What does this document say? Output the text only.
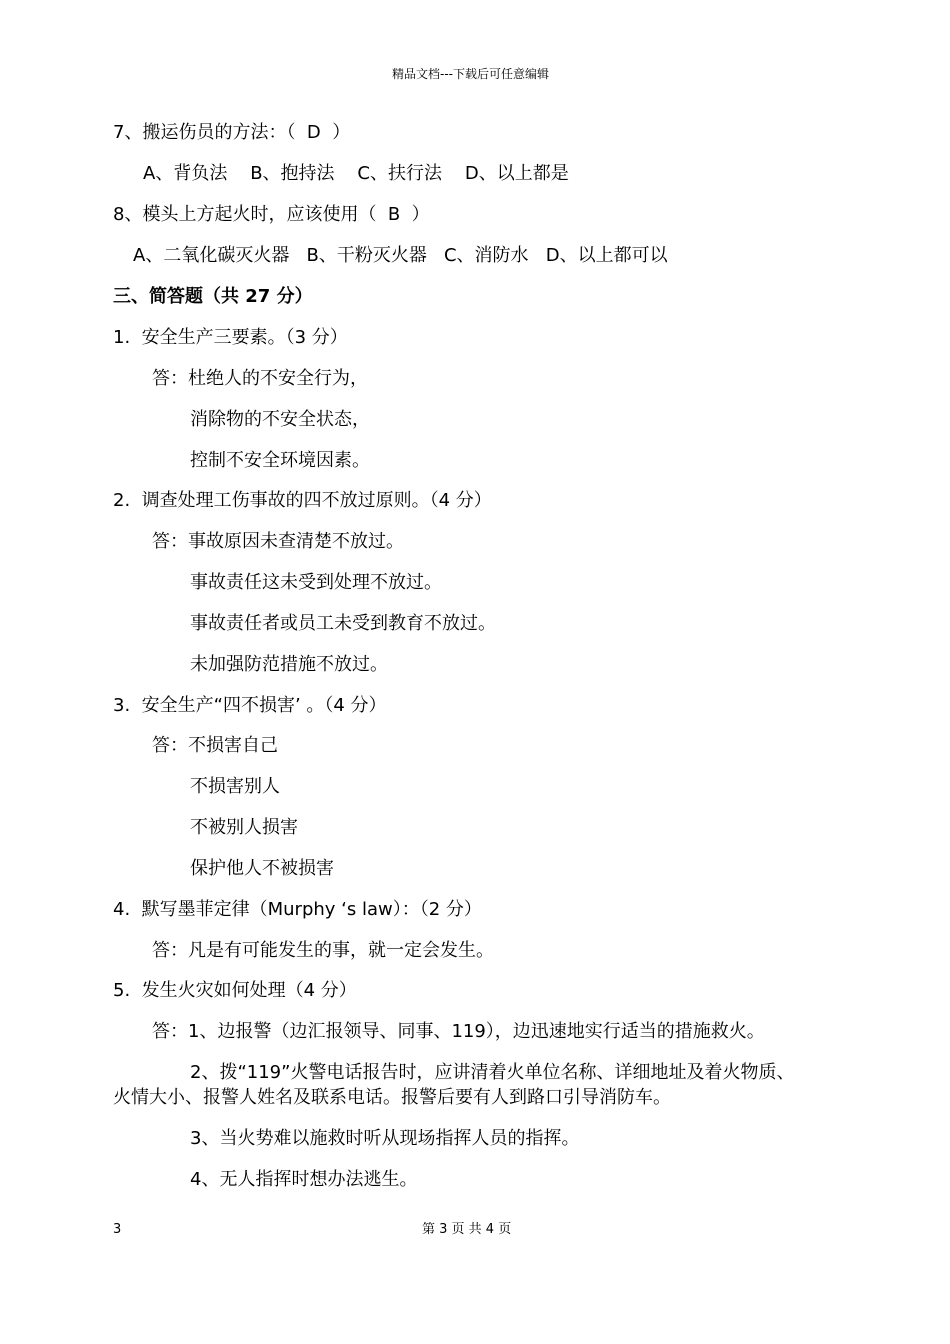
精品文档---下载后可任意编辑
7、搬运伤员的方法：（  D  ）
A、背负法    B、抱持法    C、扶行法    D、以上都是
8、模头上方起火时，应该使用（  B  ）
A、二氧化碳灭火器   B、干粉灭火器   C、消防水   D、以上都可以
三、简答题（共 27 分）
1.  安全生产三要素。（3 分）
答：杜绝人的不安全行为，
消除物的不安全状态，
控制不安全环境因素。
2.  调查处理工伤事故的四不放过原则。（4 分）
答：事故原因未查清楚不放过。
事故责任这未受到处理不放过。
事故责任者或员工未受到教育不放过。
未加强防范措施不放过。
3.  安全生产“四不损害’ 。（4 分）
答：不损害自己
不损害别人
不被别人损害
保护他人不被损害
4.  默写墨菲定律（Murphy ‘s law）：（2 分）
答：凡是有可能发生的事，就一定会发生。
5.  发生火灾如何处理（4 分）
答：1、边报警（边汇报领导、同事、119），边迅速地实行适当的措施救火。
2、拨“119”火警电话报告时，应讲清着火单位名称、详细地址及着火物质、
火情大小、报警人姓名及联系电话。报警后要有人到路口引导消防车。
3、当火势难以施救时听从现场指挥人员的指挥。
4、无人指挥时想办法逃生。
3	第 3 页 共 4 页
